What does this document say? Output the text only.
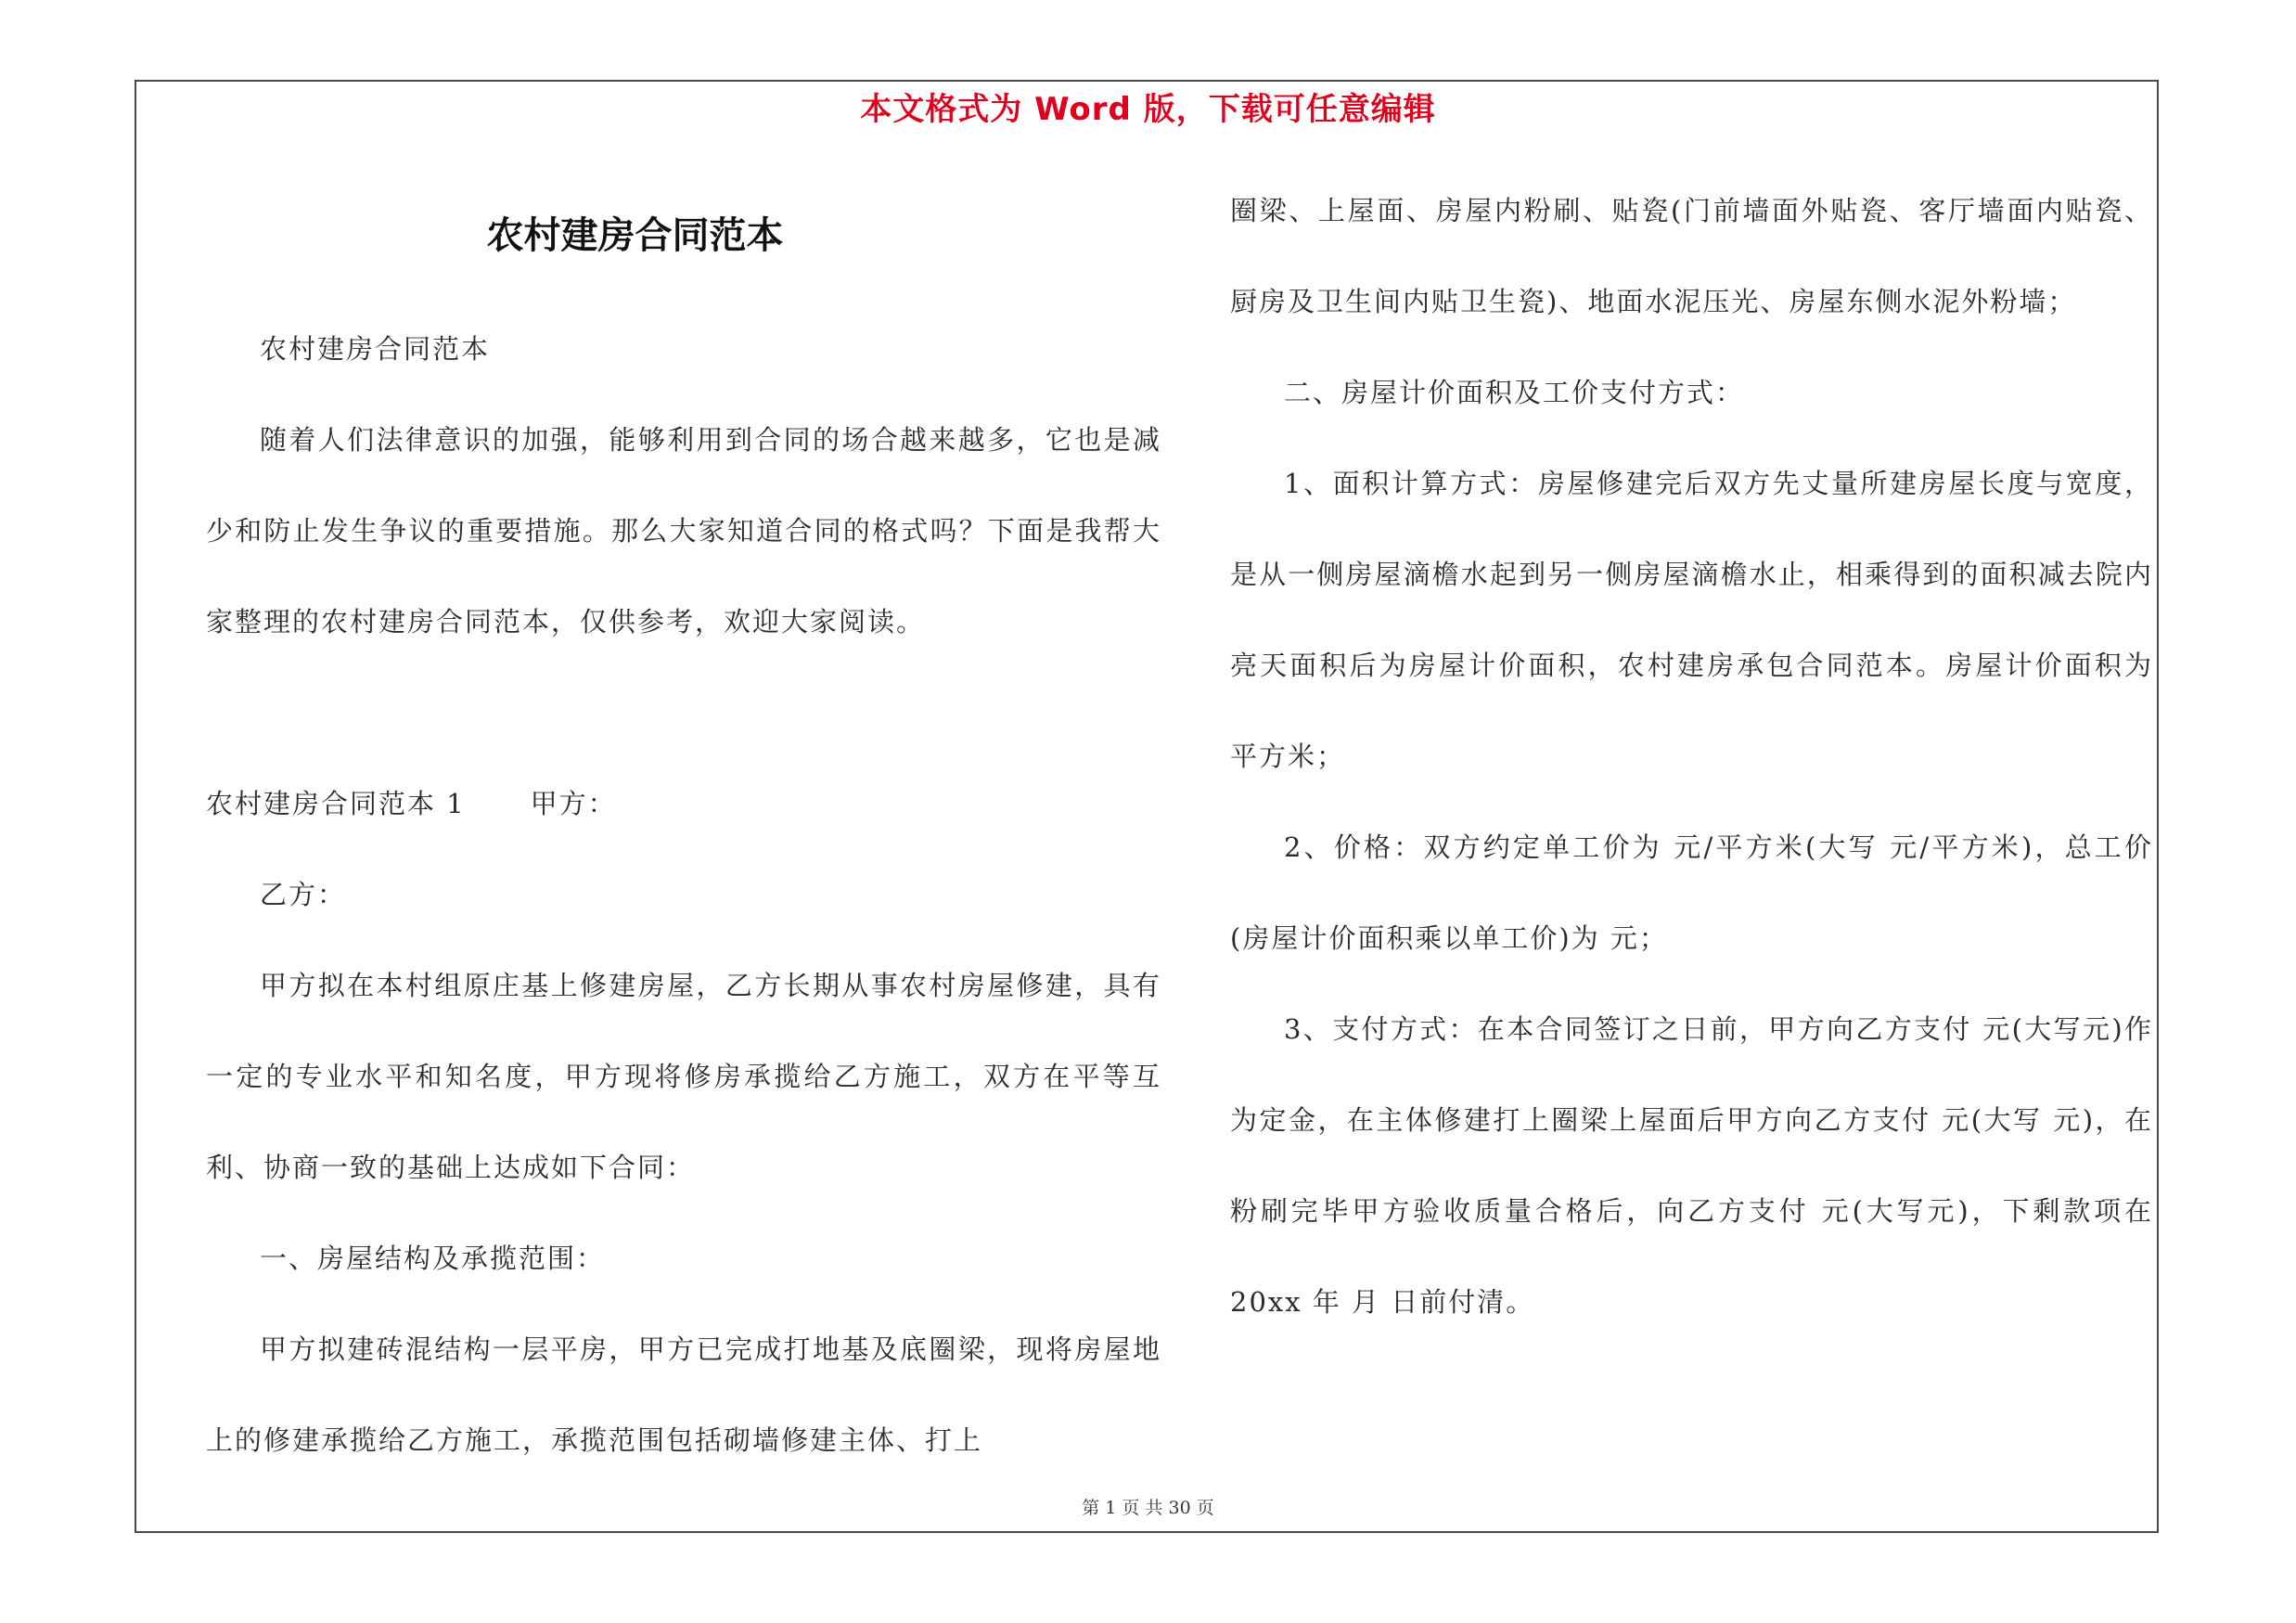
本文格式为 Word 版，下载可任意编辑
农村建房合同范本

农村建房合同范本

随着人们法律意识的加强，能够利用到合同的场合越来越多，它也是减少和防止发生争议的重要措施。那么大家知道合同的格式吗？下面是我帮大家整理的农村建房合同范本，仅供参考，欢迎大家阅读。

农村建房合同范本 1 甲方：

乙方：

甲方拟在本村组原庄基上修建房屋，乙方长期从事农村房屋修建，具有一定的专业水平和知名度，甲方现将修房承揽给乙方施工，双方在平等互利、协商一致的基础上达成如下合同：

一、房屋结构及承揽范围：

甲方拟建砖混结构一层平房，甲方已完成打地基及底圈梁，现将房屋地上的修建承揽给乙方施工，承揽范围包括砌墙修建主体、打上

圈梁、上屋面、房屋内粉刷、贴瓷(门前墙面外贴瓷、客厅墙面内贴瓷、厨房及卫生间内贴卫生瓷)、地面水泥压光、房屋东侧水泥外粉墙；

二、房屋计价面积及工价支付方式：

1、面积计算方式：房屋修建完后双方先丈量所建房屋长度与宽度，是从一侧房屋滴檐水起到另一侧房屋滴檐水止，相乘得到的面积减去院内亮天面积后为房屋计价面积，农村建房承包合同范本。房屋计价面积为 平方米；

2、价格：双方约定单工价为 元/平方米(大写 元/平方米)，总工价(房屋计价面积乘以单工价)为 元；

3、支付方式：在本合同签订之日前，甲方向乙方支付 元(大写元)作为定金，在主体修建打上圈梁上屋面后甲方向乙方支付 元(大写 元)，在粉刷完毕甲方验收质量合格后，向乙方支付 元(大写元)，下剩款项在 20xx 年 月 日前付清。

第 1 页 共 30 页
